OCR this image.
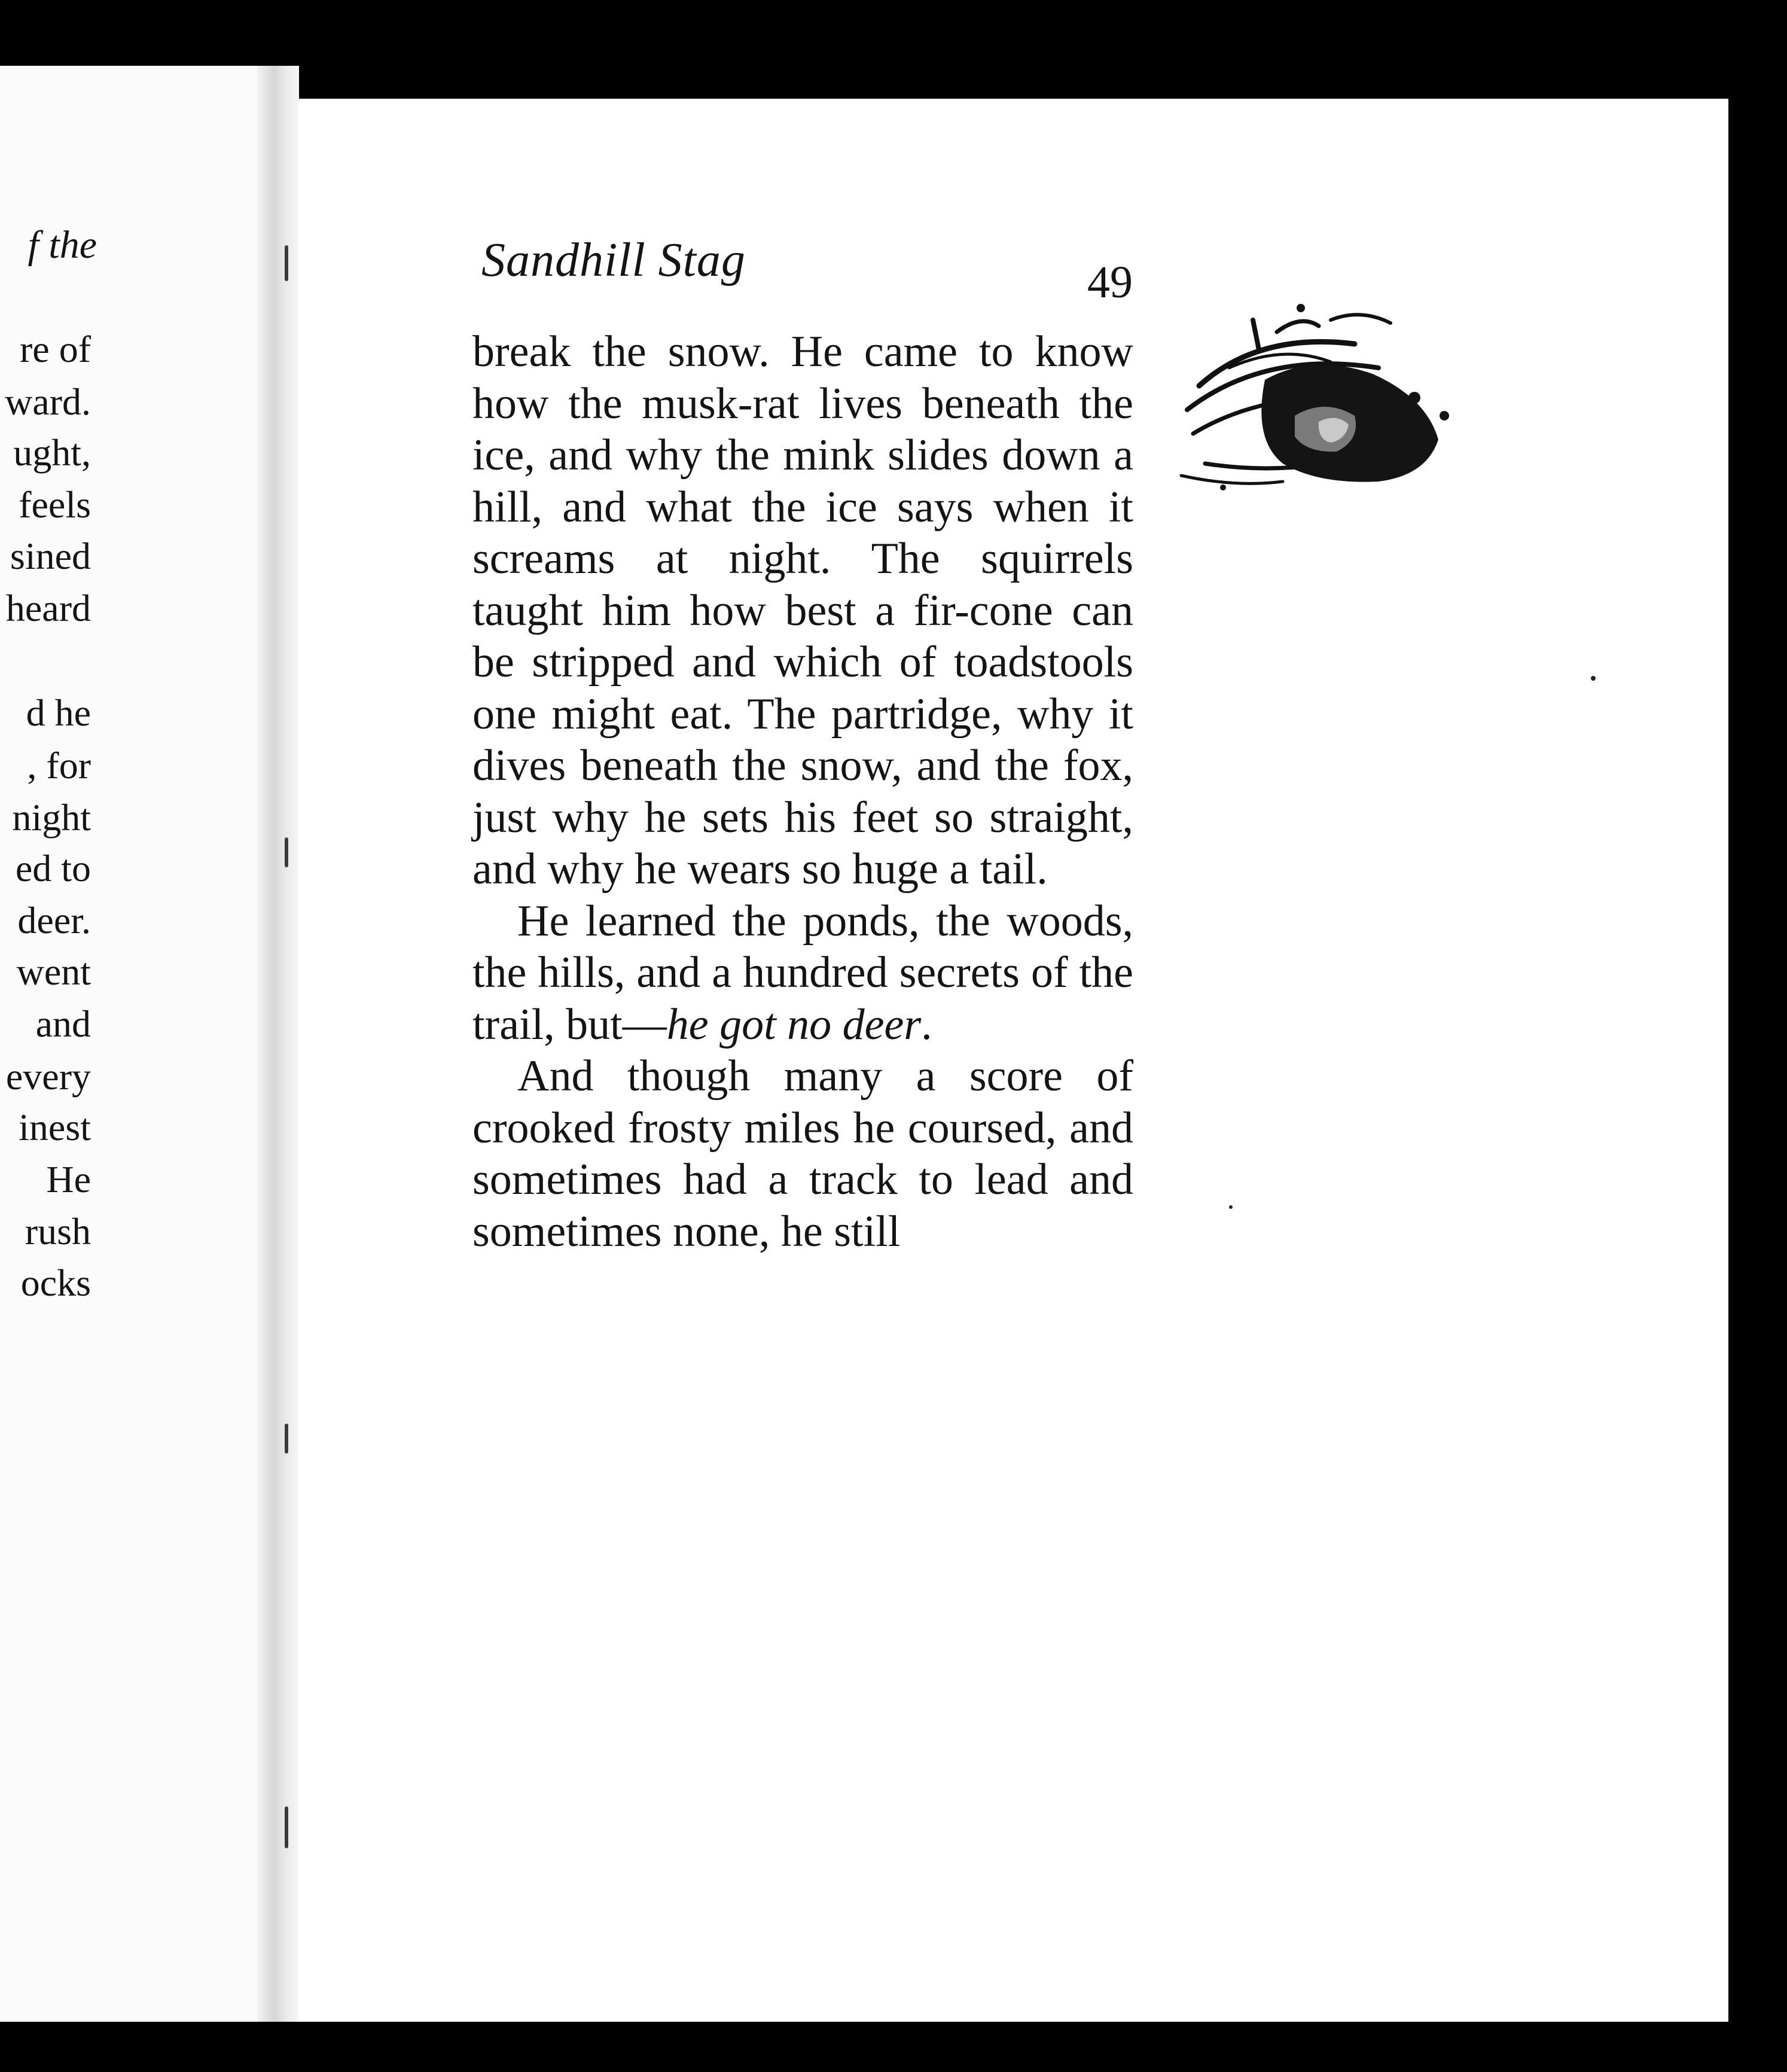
f the
re of
ward.
ught,
feels
sined
heard
d he
, for
night
ed to
deer.
went
and
every
inest
He
rush
ocks
Sandhill Stag	49

break the snow. He came to know how the musk-rat lives beneath the ice, and why the mink slides down a hill, and what the ice says when it screams at night. The squirrels taught him how best a fir-cone can be stripped and which of toadstools one might eat. The partridge, why it dives beneath the snow, and the fox, just why he sets his feet so straight, and why he wears so huge a tail.

He learned the ponds, the woods, the hills, and a hundred secrets of the trail, but—he got no deer.

And though many a score of crooked frosty miles he coursed, and sometimes had a track to lead and sometimes none, he still
